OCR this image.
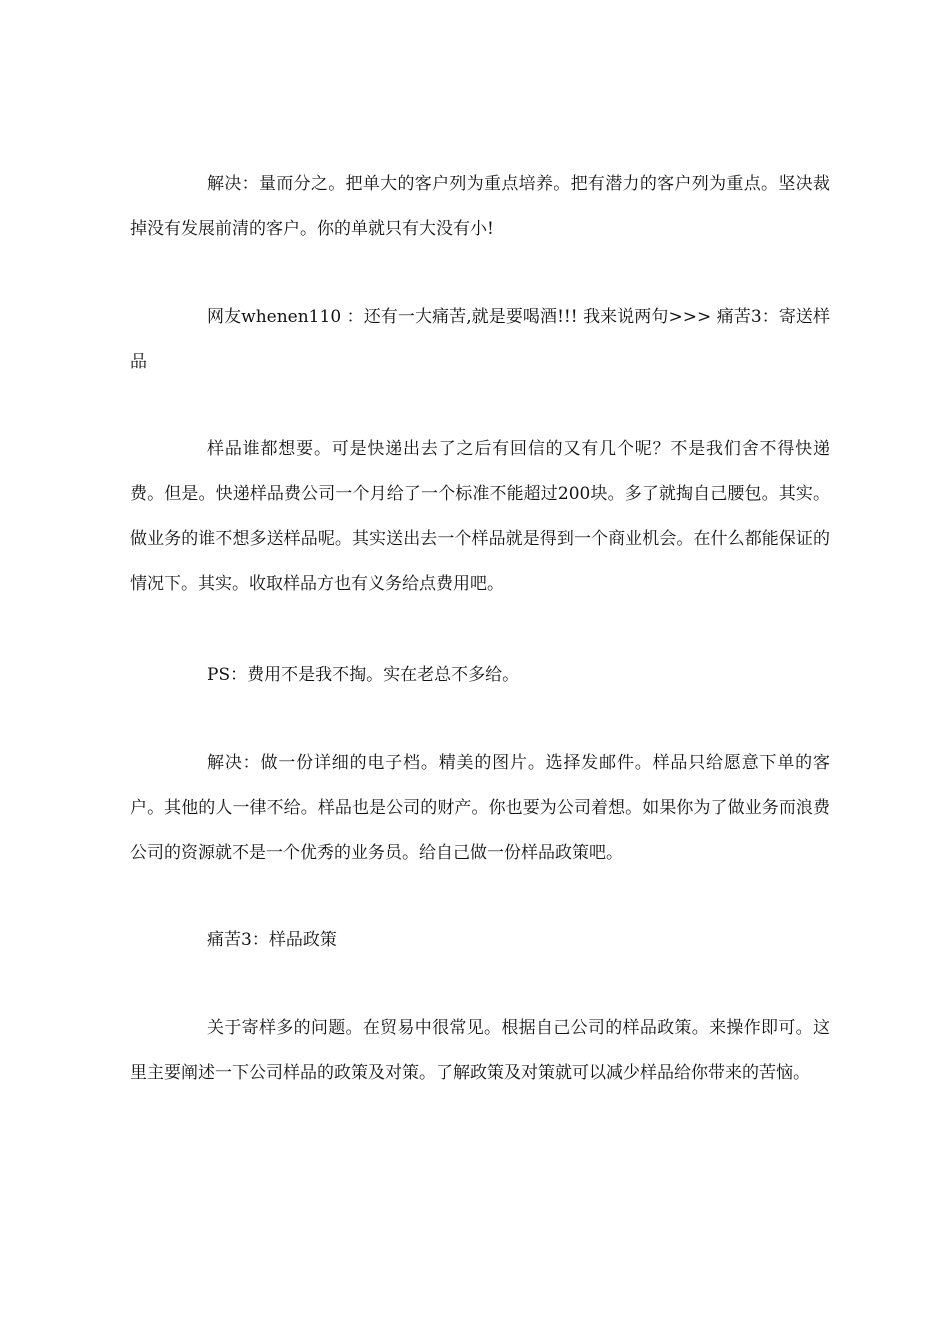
解决：量而分之。把单大的客户列为重点培养。把有潜力的客户列为重点。坚决裁掉没有发展前清的客户。你的单就只有大没有小!

网友whenen110 ：还有一大痛苦,就是要喝酒!!! 我来说两句>>> 痛苦3：寄送样品

样品谁都想要。可是快递出去了之后有回信的又有几个呢？不是我们舍不得快递费。但是。快递样品费公司一个月给了一个标准不能超过200块。多了就掏自己腰包。其实。做业务的谁不想多送样品呢。其实送出去一个样品就是得到一个商业机会。在什么都能保证的情况下。其实。收取样品方也有义务给点费用吧。

PS：费用不是我不掏。实在老总不多给。

解决：做一份详细的电子档。精美的图片。选择发邮件。样品只给愿意下单的客户。其他的人一律不给。样品也是公司的财产。你也要为公司着想。如果你为了做业务而浪费公司的资源就不是一个优秀的业务员。给自己做一份样品政策吧。

痛苦3：样品政策

关于寄样多的问题。在贸易中很常见。根据自己公司的样品政策。来操作即可。这里主要阐述一下公司样品的政策及对策。了解政策及对策就可以减少样品给你带来的苦恼。
